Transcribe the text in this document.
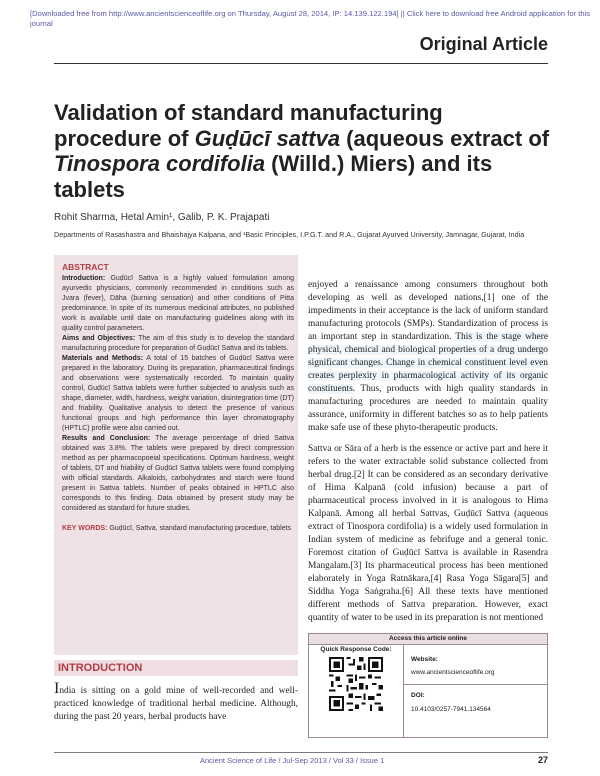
[Downloaded free from http://www.ancientscienceoflife.org on Thursday, August 28, 2014, IP: 14.139.122.194] || Click here to download free Android application for this
journal
Original Article
Validation of standard manufacturing procedure of Guḍūcī sattva (aqueous extract of Tinospora cordifolia (Willd.) Miers) and its tablets
Rohit Sharma, Hetal Amin¹, Galib, P. K. Prajapati
Departments of Rasashastra and Bhaishajya Kalpana, and ¹Basic Principles, I.P.G.T. and R.A., Gujarat Ayurved University, Jamnagar, Gujarat, India
ABSTRACT

Introduction: Guḍūcī Sattva is a highly valued formulation among ayurvedic physicians, commonly recommended in conditions such as Jvara (fever), Dāha (burning sensation) and other conditions of Pitta predominance. In spite of its numerous medicinal attributes, no published work is available until date on manufacturing guidelines along with its quality control parameters.

Aims and Objectives: The aim of this study is to develop the standard manufacturing procedure for preparation of Guḍūcī Sattva and its tablets.

Materials and Methods: A total of 15 batches of Guḍūcī Sattva were prepared in the laboratory. During its preparation, pharmaceutical findings and observations were systematically recorded. To maintain quality control, Guḍūcī Sattva tablets were further subjected to analysis such as shape, diameter, width, hardness, weight variation, disintegration time (DT) and friability. Qualitative analysis to detect the presence of various functional groups and high performance thin layer chromatography (HPTLC) profile were also carried out.

Results and Conclusion: The average percentage of dried Sattva obtained was 3.8%. The tablets were prepared by direct compression method as per pharmacopoeial specifications. Optimum hardness, weight of tablets, DT and friability of Guḍūcī Sattva tablets were found complying with official standards. Alkaloids, carbohydrates and starch were found present in Sattva tablets. Number of peaks obtained in HPTLC also corresponds to this finding. Data obtained by present study may be considered as standard for future studies.

KEY WORDS: Guḍūcī, Sattva, standard manufacturing procedure, tablets

INTRODUCTION
India is sitting on a gold mine of well-recorded and well-practiced knowledge of traditional herbal medicine. Although, during the past 20 years, herbal products have

enjoyed a renaissance among consumers throughout both developing as well as developed nations,[1] one of the impediments in their acceptance is the lack of uniform standard manufacturing protocols (SMPs). Standardization of process is an important step in standardization. This is the stage where physical, chemical and biological properties of a drug undergo significant changes. Change in chemical constituent level even creates perplexity in pharmacological activity of its organic constituents. Thus, products with high quality standards in manufacturing procedures are needed to maintain quality assurance, uniformity in different batches so as to help patients make safe use of these phyto-therapeutic products.

Sattva or Sāra of a herb is the essence or active part and here it refers to the water extractable solid substance collected from herbal drug.[2] It can be considered as an secondary derivative of Hima Kalpanā (cold infusion) because a part of pharmaceutical process involved in it is analogous to Hima Kalpanā. Among all herbal Sattvas, Guḍūcī Sattva (aqueous extract of Tinospora cordifolia) is a widely used formulation in Indian system of medicine as febrifuge and a general tonic. Foremost citation of Guḍūcī Sattva is available in Rasendra Mangalam.[3] Its pharmaceutical process has been mentioned elaborately in Yoga Ratnākara,[4] Rasa Yoga Sāgara[5] and Siddha Yoga Saṅgraha.[6] All these texts have mentioned different methods of Sattva preparation. However, exact quantity of water to be used in its preparation is not mentioned

Access this article online
Quick Response Code:
Website:
www.ancientscienceoflife.org
DOI:
10.4103/0257-7941.134564
Ancient Science of Life / Jul-Sep 2013 / Vol 33 / Issue 1	27
